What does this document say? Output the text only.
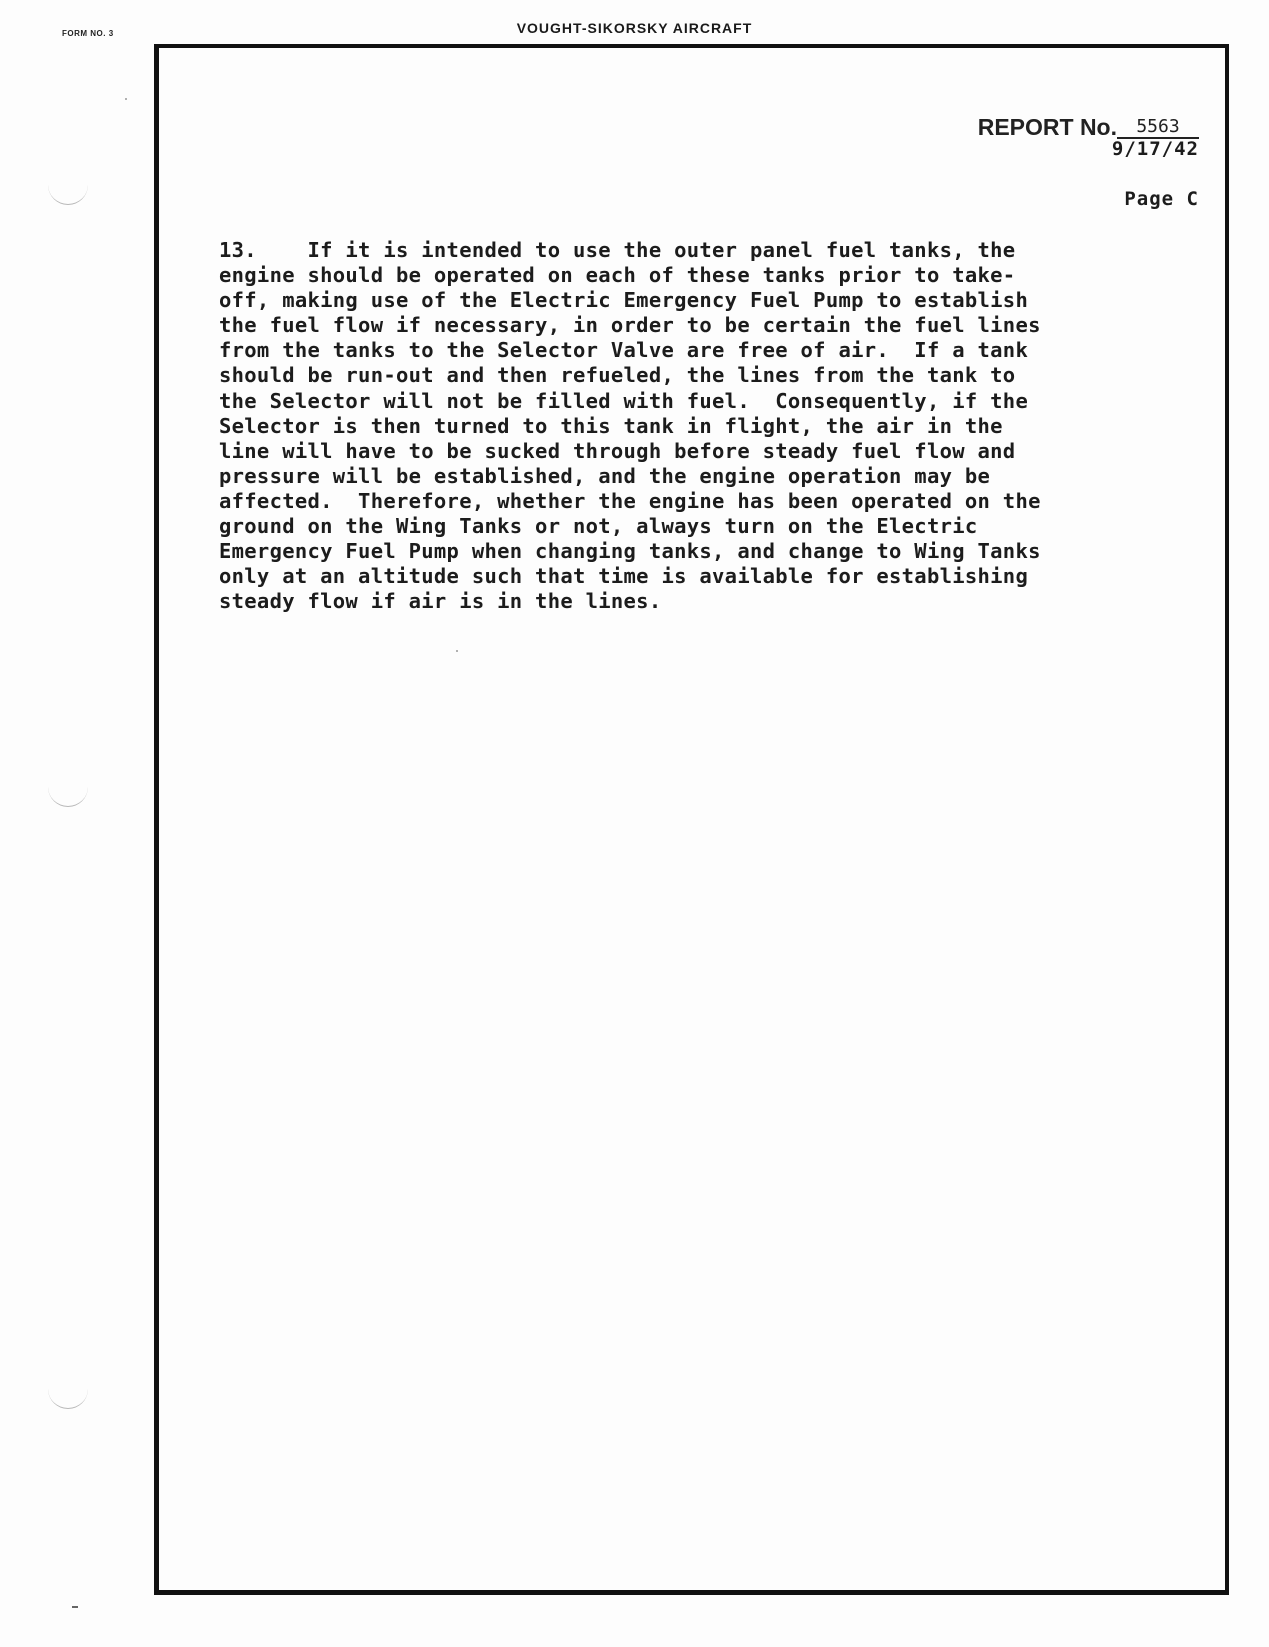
FORM NO. 3	VOUGHT-SIKORSKY AIRCRAFT
REPORT No. 5563
9/17/42
Page C
13.    If it is intended to use the outer panel fuel tanks, the
engine should be operated on each of these tanks prior to take-
off, making use of the Electric Emergency Fuel Pump to establish
the fuel flow if necessary, in order to be certain the fuel lines
from the tanks to the Selector Valve are free of air.  If a tank
should be run-out and then refueled, the lines from the tank to
the Selector will not be filled with fuel.  Consequently, if the
Selector is then turned to this tank in flight, the air in the
line will have to be sucked through before steady fuel flow and
pressure will be established, and the engine operation may be
affected.  Therefore, whether the engine has been operated on the
ground on the Wing Tanks or not, always turn on the Electric
Emergency Fuel Pump when changing tanks, and change to Wing Tanks
only at an altitude such that time is available for establishing
steady flow if air is in the lines.
